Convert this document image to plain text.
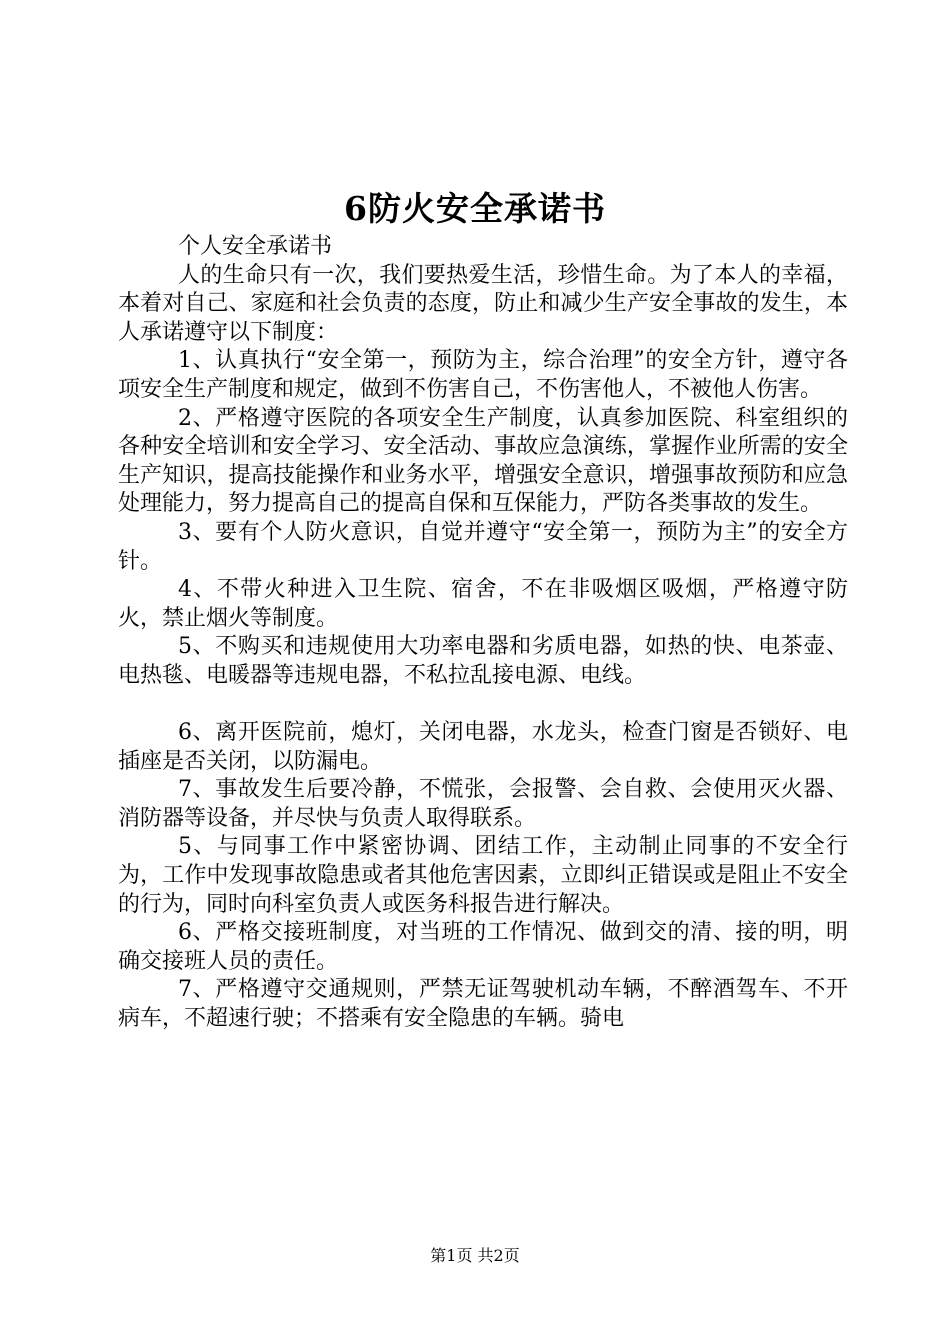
6防火安全承诺书

个人安全承诺书

人的生命只有一次，我们要热爱生活，珍惜生命。为了本人的幸福，本着对自己、家庭和社会负责的态度，防止和减少生产安全事故的发生，本人承诺遵守以下制度：

1、认真执行“安全第一，预防为主，综合治理”的安全方针，遵守各项安全生产制度和规定，做到不伤害自己，不伤害他人，不被他人伤害。

2、严格遵守医院的各项安全生产制度，认真参加医院、科室组织的各种安全培训和安全学习、安全活动、事故应急演练，掌握作业所需的安全生产知识，提高技能操作和业务水平，增强安全意识，增强事故预防和应急处理能力，努力提高自己的提高自保和互保能力，严防各类事故的发生。

3、要有个人防火意识，自觉并遵守“安全第一，预防为主”的安全方针。

4、不带火种进入卫生院、宿舍，不在非吸烟区吸烟，严格遵守防火，禁止烟火等制度。

5、不购买和违规使用大功率电器和劣质电器，如热的快、电茶壶、电热毯、电暖器等违规电器，不私拉乱接电源、电线。

6、离开医院前，熄灯，关闭电器，水龙头，检查门窗是否锁好、电插座是否关闭，以防漏电。

7、事故发生后要冷静，不慌张，会报警、会自救、会使用灭火器、消防器等设备，并尽快与负责人取得联系。

5、与同事工作中紧密协调、团结工作，主动制止同事的不安全行为，工作中发现事故隐患或者其他危害因素，立即纠正错误或是阻止不安全的行为，同时向科室负责人或医务科报告进行解决。

6、严格交接班制度，对当班的工作情况、做到交的清、接的明，明确交接班人员的责任。

7、严格遵守交通规则，严禁无证驾驶机动车辆，不醉酒驾车、不开病车，不超速行驶；不搭乘有安全隐患的车辆。骑电

第1页 共2页
